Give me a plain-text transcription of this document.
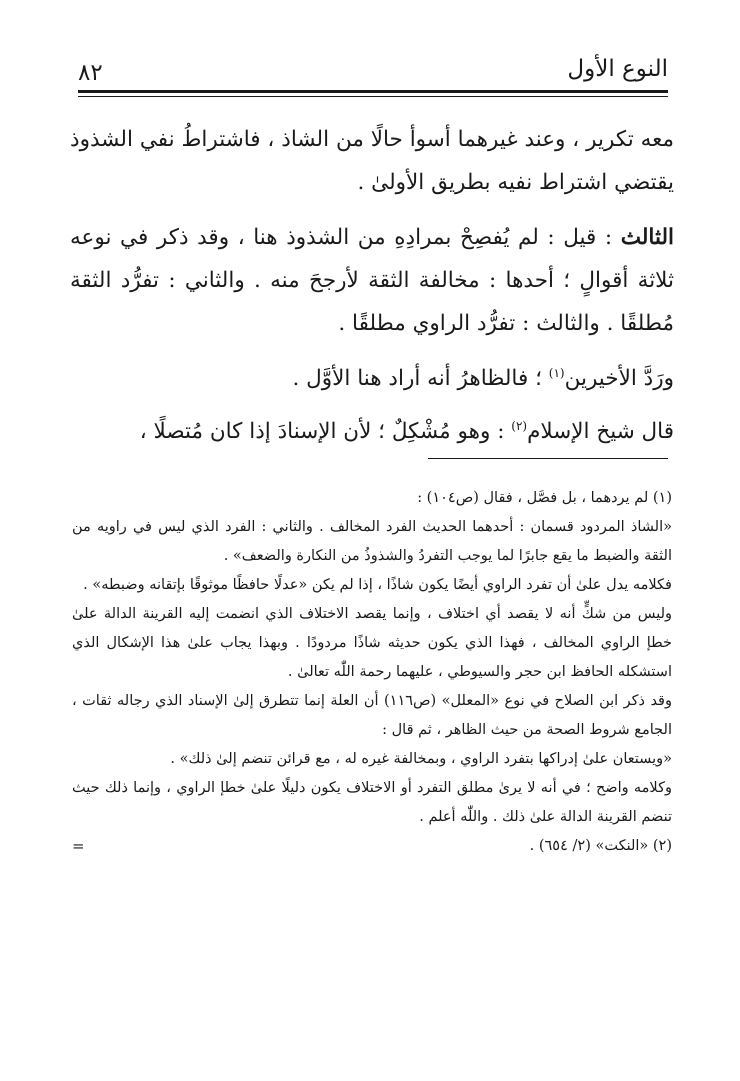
النوع الأول
٨٢

معه تكرير ، وعند غيرهما أسوأ حالًا من الشاذ ، فاشتراطُ نفي الشذوذ يقتضي اشتراط نفيه بطريق الأولىٰ .

الثالث : قيل : لم يُفصِحْ بمرادِهِ من الشذوذ هنا ، وقد ذكر في نوعه ثلاثة أقوالٍ ؛ أحدها : مخالفة الثقة لأرجحَ منه . والثاني : تفرُّد الثقة مُطلقًا . والثالث : تفرُّد الراوي مطلقًا .

ورَدَّ الأخيرين$^{(١)}$ ؛ فالظاهرُ أنه أراد هنا الأوَّل .

قال شيخ الإسلام$^{(٢)}$ : وهو مُشْكِلٌ ؛ لأن الإسنادَ إذا كان مُتصلًا ،

(١) لم يردهما ، بل فصَّل ، فقال (ص١٠٤) :

«الشاذ المردود قسمان : أحدهما الحديث الفرد المخالف . والثاني : الفرد الذي ليس في راويه من الثقة والضبط ما يقع جابرًا لما يوجب التفردُ والشذوذُ من النكارة والضعف» .

فكلامه يدل علىٰ أن تفرد الراوي أيضًا يكون شاذًا ، إذا لم يكن «عدلًا حافظًا موثوقًا بإتقانه وضبطه» .

وليس من شكٍّ أنه لا يقصد أي اختلاف ، وإنما يقصد الاختلاف الذي انضمت إليه القرينة الدالة علىٰ خطإ الراوي المخالف ، فهذا الذي يكون حديثه شاذًا مردودًا . وبهذا يجاب علىٰ هذا الإشكال الذي استشكله الحافظ ابن حجر والسيوطي ، عليهما رحمة اللّٰه تعالىٰ .

وقد ذكر ابن الصلاح في نوع «المعلل» (ص١١٦) أن العلة إنما تتطرق إلىٰ الإسناد الذي رجاله ثقات ، الجامع شروط الصحة من حيث الظاهر ، ثم قال :

«ويستعان علىٰ إدراكها بتفرد الراوي ، وبمخالفة غيره له ، مع قرائن تنضم إلىٰ ذلك» .

وكلامه واضح ؛ في أنه لا يرىٰ مطلق التفرد أو الاختلاف يكون دليلًا علىٰ خطإ الراوي ، وإنما ذلك حيث تنضم القرينة الدالة علىٰ ذلك . واللّٰه أعلم .

(٢) «النكت» (٢/ ٦٥٤) .
=
